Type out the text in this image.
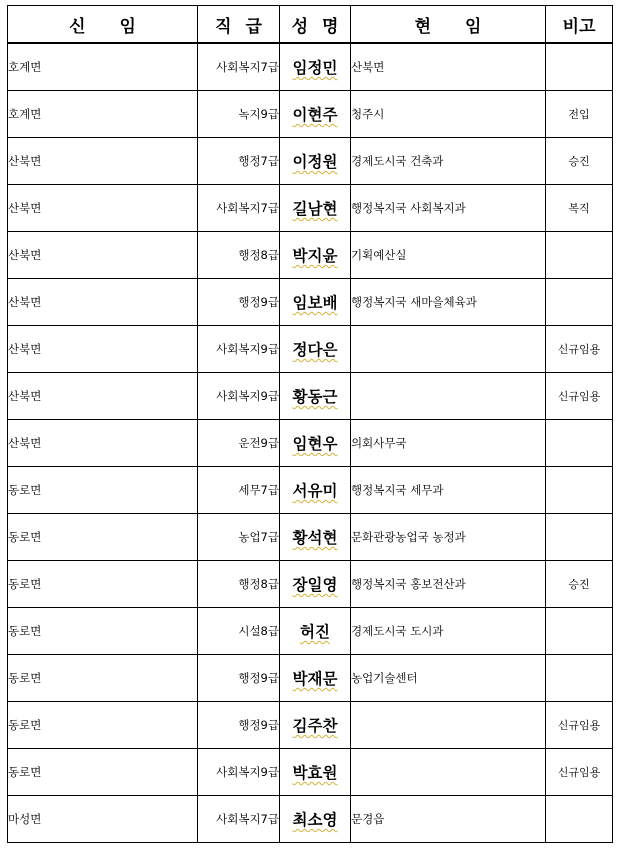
신 임	직 급	성 명	현 임	비고
호계면	사회복지7급	임정민	산북면	
호계면	녹지9급	이현주	청주시	전입
산북면	행정7급	이정원	경제도시국 건축과	승진
산북면	사회복지7급	길남현	행정복지국 사회복지과	복직
산북면	행정8급	박지윤	기획예산실	
산북면	행정9급	임보배	행정복지국 새마을체육과	
산북면	사회복지9급	정다은		신규임용
산북면	사회복지9급	황동근		신규임용
산북면	운전9급	임현우	의회사무국	
동로면	세무7급	서유미	행정복지국 세무과	
동로면	농업7급	황석현	문화관광농업국 농정과	
동로면	행정8급	장일영	행정복지국 홍보전산과	승진
동로면	시설8급	허진	경제도시국 도시과	
동로면	행정9급	박재문	농업기술센터	
동로면	행정9급	김주찬		신규임용
동로면	사회복지9급	박효원		신규임용
마성면	사회복지7급	최소영	문경읍	
